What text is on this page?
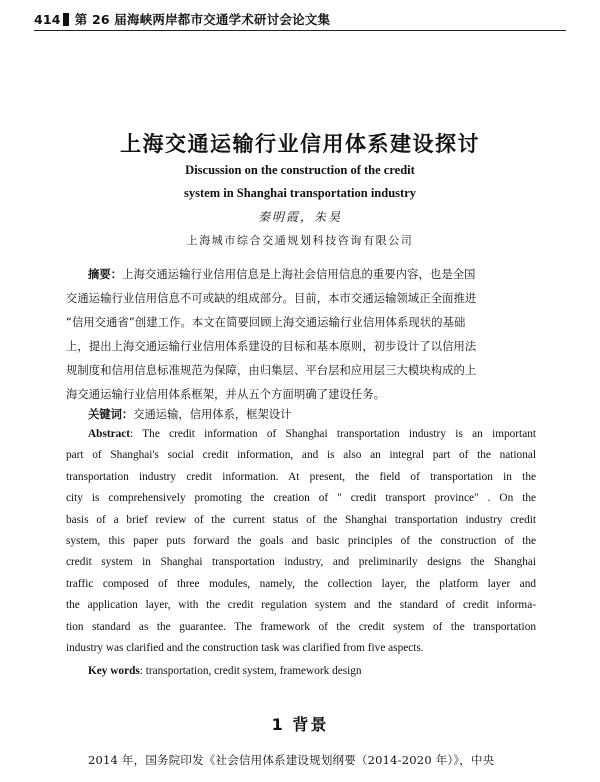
414 第 26 届海峡两岸都市交通学术研讨会论文集
上海交通运输行业信用体系建设探讨
Discussion on the construction of the credit
system in Shanghai transportation industry
秦明霞，朱昊
上海城市综合交通规划科技咨询有限公司
摘要：上海交通运输行业信用信息是上海社会信用信息的重要内容，也是全国
交通运输行业信用信息不可或缺的组成部分。目前，本市交通运输领域正全面推进
“信用交通省”创建工作。本文在简要回顾上海交通运输行业信用体系现状的基础
上，提出上海交通运输行业信用体系建设的目标和基本原则，初步设计了以信用法
规制度和信用信息标准规范为保障，由归集层、平台层和应用层三大模块构成的上
海交通运输行业信用体系框架，并从五个方面明确了建设任务。
关键词：交通运输，信用体系，框架设计
Abstract: The credit information of Shanghai transportation industry is an important
part of Shanghai's social credit information, and is also an integral part of the national
transportation industry credit information. At present, the field of transportation in the
city is comprehensively promoting the creation of " credit transport province" . On the
basis of a brief review of the current status of the Shanghai transportation industry credit
system, this paper puts forward the goals and basic principles of the construction of the
credit system in Shanghai transportation industry, and preliminarily designs the Shanghai
traffic composed of three modules, namely, the collection layer, the platform layer and
the application layer, with the credit regulation system and the standard of credit informa-
tion standard as the guarantee. The framework of the credit system of the transportation
industry was clarified and the construction task was clarified from five aspects.
Key words: transportation, credit system, framework design
1 背景
2014 年，国务院印发《社会信用体系建设规划纲要（2014-2020 年）》，中央
